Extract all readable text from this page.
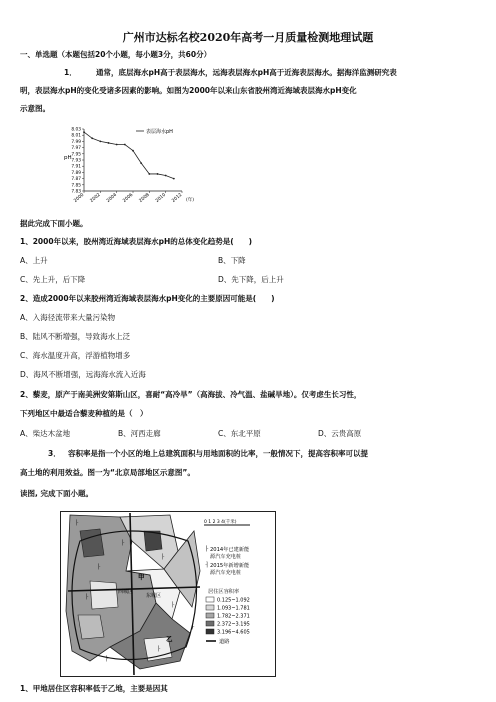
广州市达标名校2020年高考一月质量检测地理试题
一、单选题（本题包括20个小题，每小题3分，共60分）
1．	通常，底层海水pH高于表层海水，远海表层海水pH高于近海表层海水。据海洋监测研究表
明，表层海水pH的变化受诸多因素的影响。如图为2000年以来山东省胶州湾近海域表层海水pH变化
示意图。
pH
(年)
8.03
8.01
7.99
7.97
7.95
7.93
7.91
7.89
7.87
7.85
7.83
2000 2002 2004 2006 2008 2010 2012
表层海水pH
据此完成下面小题。
1、2000年以来，胶州湾近海域表层海水pH的总体变化趋势是(　　)
A、上升	B、下降
C、先上升，后下降	D、先下降，后上升
2、造成2000年以来胶州湾近海域表层海水pH变化的主要原因可能是(　　)
A、入海径流带来大量污染物
B、陆风不断增强，导致海水上泛
C、海水温度升高，浮游植物增多
D、海风不断增强，远海海水流入近海
2、藜麦，原产于南美洲安第斯山区，喜耐“高冷旱”（高海拔、冷气温、盐碱旱地）。仅考虑生长习性，
下列地区中最适合藜麦种植的是（　）
A、柴达木盆地	B、河西走廊	C、东北平原	D、云贵高原
3． 容积率是指一个小区的地上总建筑面积与用地面积的比率，一般情况下，提高容积率可以提
高土地的利用效益。图一为“北京局部地区示意图”。
读图, 完成下面小题。
ㅏ
ㅏ
ㅏ
ㅏ
ㅏ
ㅏ
ㅏ
ㅏ
ㅏ
甲
乙
西城区
东城区
0 1 2 3 4(千米)
ㅏ 2014年已建新能
源汽车充电桩
ㅓ 2015年新增新能
源汽车充电桩
居住区容积率
0.125~1.092
1.093~1.781
1.782~2.371
2.372~3.195
3.196~4.605
道路
1、甲地居住区容积率低于乙地，主要是因其
